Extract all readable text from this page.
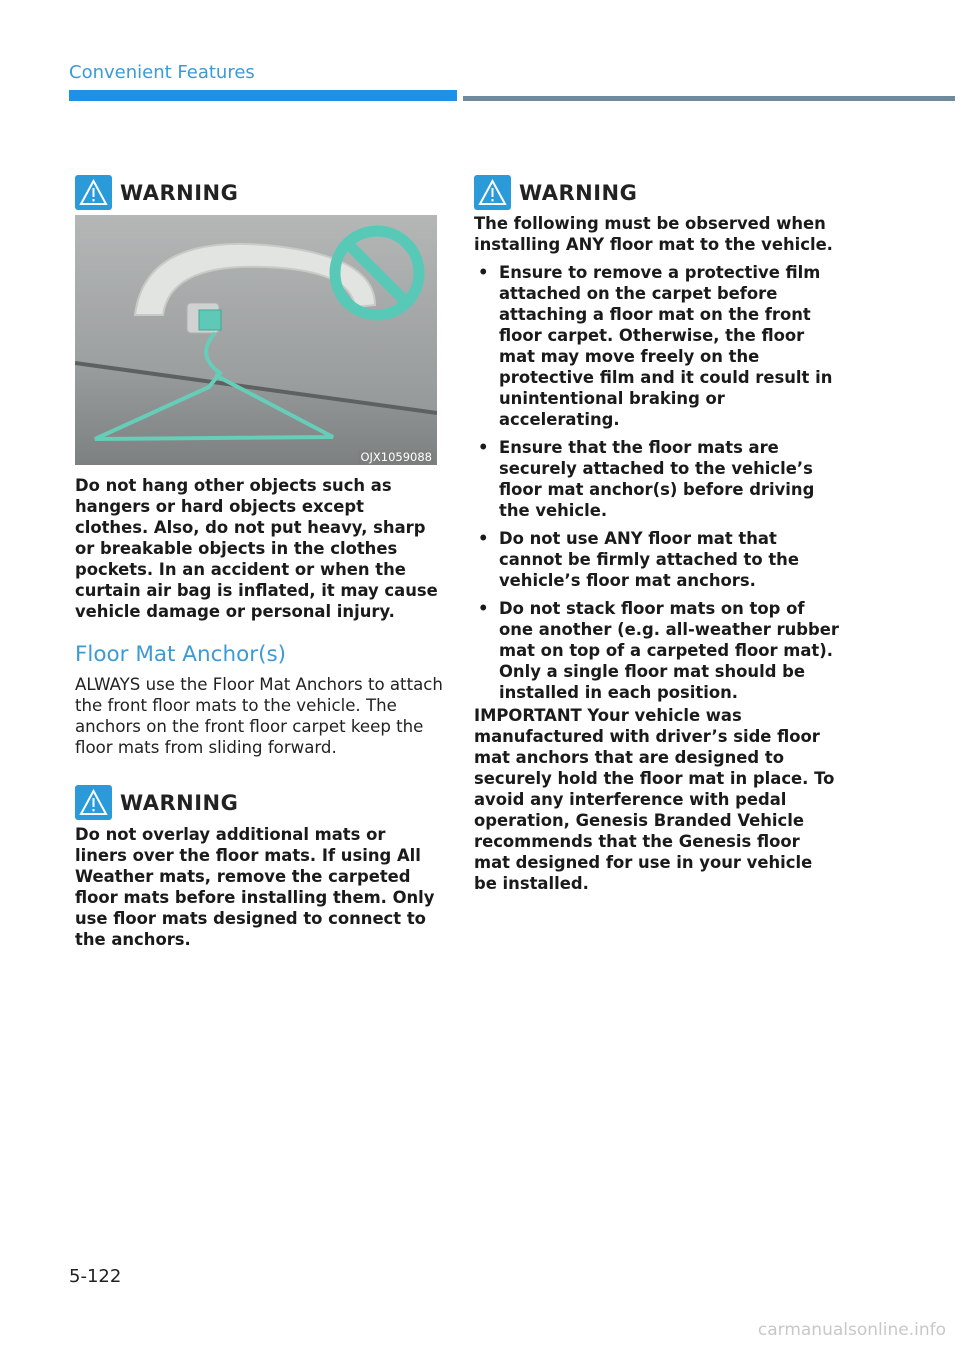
Convenient Features
WARNING
OJX1059088
Do not hang other objects such as hangers or hard objects except clothes. Also, do not put heavy, sharp or breakable objects in the clothes pockets. In an accident or when the curtain air bag is inflated, it may cause vehicle damage or personal injury.
Floor Mat Anchor(s)
ALWAYS use the Floor Mat Anchors to attach the front floor mats to the vehicle. The anchors on the front floor carpet keep the floor mats from sliding forward.
WARNING
Do not overlay additional mats or liners over the floor mats. If using All Weather mats, remove the carpeted floor mats before installing them. Only use floor mats designed to connect to the anchors.
WARNING
The following must be observed when installing ANY floor mat to the vehicle.
• Ensure to remove a protective film attached on the carpet before attaching a floor mat on the front floor carpet. Otherwise, the floor mat may move freely on the protective film and it could result in unintentional braking or accelerating.
• Ensure that the floor mats are securely attached to the vehicle’s floor mat anchor(s) before driving the vehicle.
• Do not use ANY floor mat that cannot be firmly attached to the vehicle’s floor mat anchors.
• Do not stack floor mats on top of one another (e.g. all-weather rubber mat on top of a carpeted floor mat). Only a single floor mat should be installed in each position.
IMPORTANT Your vehicle was manufactured with driver’s side floor mat anchors that are designed to securely hold the floor mat in place. To avoid any interference with pedal operation, Genesis Branded Vehicle recommends that the Genesis floor mat designed for use in your vehicle be installed.
5-122
carmanualsonline.info
